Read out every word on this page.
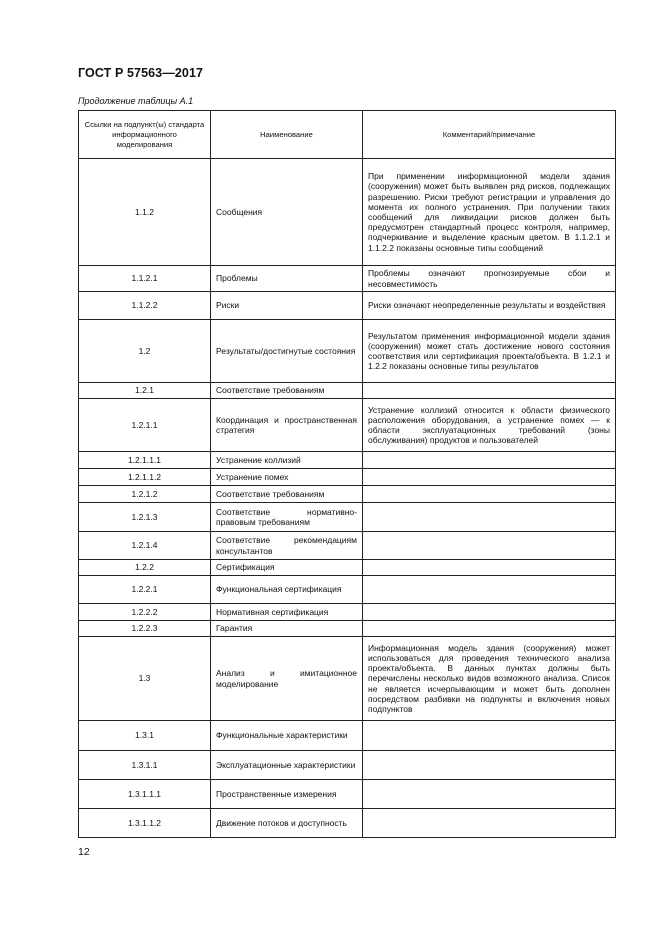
ГОСТ Р 57563—2017
Продолжение таблицы А.1
Ссылки на подпункт(ы) стандарта информационного моделирования	Наименование	Комментарий/примечание
1.1.2	Сообщения	При применении информационной модели здания (сооружения) может быть выявлен ряд рисков, подлежащих разрешению. Риски требуют регистрации и управления до момента их полного устранения. При получении таких сообщений для ликвидации рисков должен быть предусмотрен стандартный процесс контроля, например, подчеркивание и выделение красным цветом. В 1.1.2.1 и 1.1.2.2 показаны основные типы сообщений
1.1.2.1	Проблемы	Проблемы означают прогнозируемые сбои и несовместимость
1.1.2.2	Риски	Риски означают неопределенные результаты и воздействия
1.2	Результаты/достигнутые состояния	Результатом применения информационной модели здания (сооружения) может стать достижение нового состояния соответствия или сертификация проекта/объекта. В 1.2.1 и 1.2.2 показаны основные типы результатов
1.2.1	Соответствие требованиям	
1.2.1.1	Координация и пространственная стратегия	Устранение коллизий относится к области физического расположения оборудования, а устранение помех — к области эксплуатационных требований (зоны обслуживания) продуктов и пользователей
1.2.1.1.1	Устранение коллизий	
1.2.1.1.2	Устранение помех	
1.2.1.2	Соответствие требованиям	
1.2.1.3	Соответствие нормативно-правовым требованиям	
1.2.1.4	Соответствие рекомендациям консультантов	
1.2.2	Сертификация	
1.2.2.1	Функциональная сертификация	
1.2.2.2	Нормативная сертификация	
1.2.2.3	Гарантия	
1.3	Анализ и имитационное моделирование	Информационная модель здания (сооружения) может использоваться для проведения технического анализа проекта/объекта. В данных пунктах должны быть перечислены несколько видов возможного анализа. Список не является исчерпывающим и может быть дополнен посредством разбивки на подпункты и включения новых подпунктов
1.3.1	Функциональные характеристики	
1.3.1.1	Эксплуатационные характеристики	
1.3.1.1.1	Пространственные измерения	
1.3.1.1.2	Движение потоков и доступность	
12
